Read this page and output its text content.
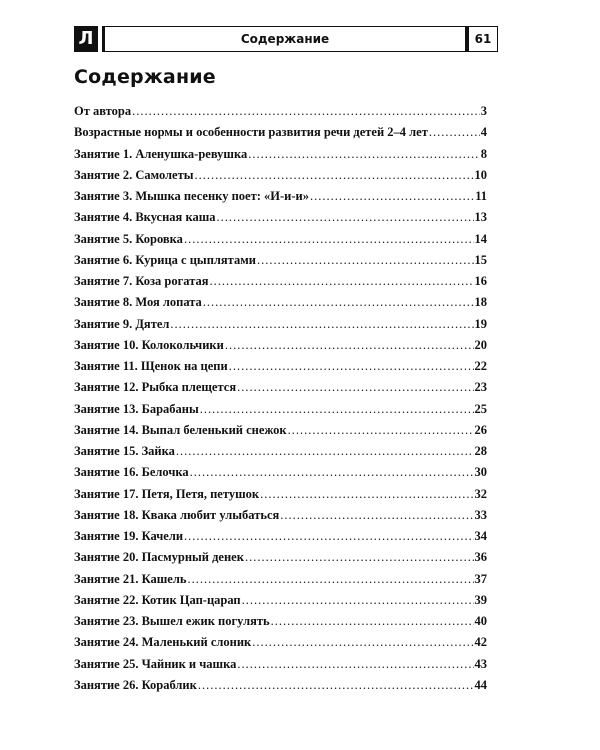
Л	Содержание	61
Содержание
От автора .....	3
Возрастные нормы и особенности развития речи детей 2–4 лет .....	4
Занятие 1. Аленушка-ревушка .....	8
Занятие 2. Самолеты .....	10
Занятие 3. Мышка песенку поет: «И-и-и» .....	11
Занятие 4. Вкусная каша .....	13
Занятие 5. Коровка .....	14
Занятие 6. Курица с цыплятами .....	15
Занятие 7. Коза рогатая .....	16
Занятие 8. Моя лопата .....	18
Занятие 9. Дятел .....	19
Занятие 10. Колокольчики .....	20
Занятие 11. Щенок на цепи .....	22
Занятие 12. Рыбка плещется .....	23
Занятие 13. Барабаны .....	25
Занятие 14. Выпал беленький снежок .....	26
Занятие 15. Зайка .....	28
Занятие 16. Белочка .....	30
Занятие 17. Петя, Петя, петушок .....	32
Занятие 18. Квака любит улыбаться .....	33
Занятие 19. Качели .....	34
Занятие 20. Пасмурный денек .....	36
Занятие 21. Кашель .....	37
Занятие 22. Котик Цап-царап .....	39
Занятие 23. Вышел ежик погулять .....	40
Занятие 24. Маленький слоник .....	42
Занятие 25. Чайник и чашка .....	43
Занятие 26. Кораблик .....	44
